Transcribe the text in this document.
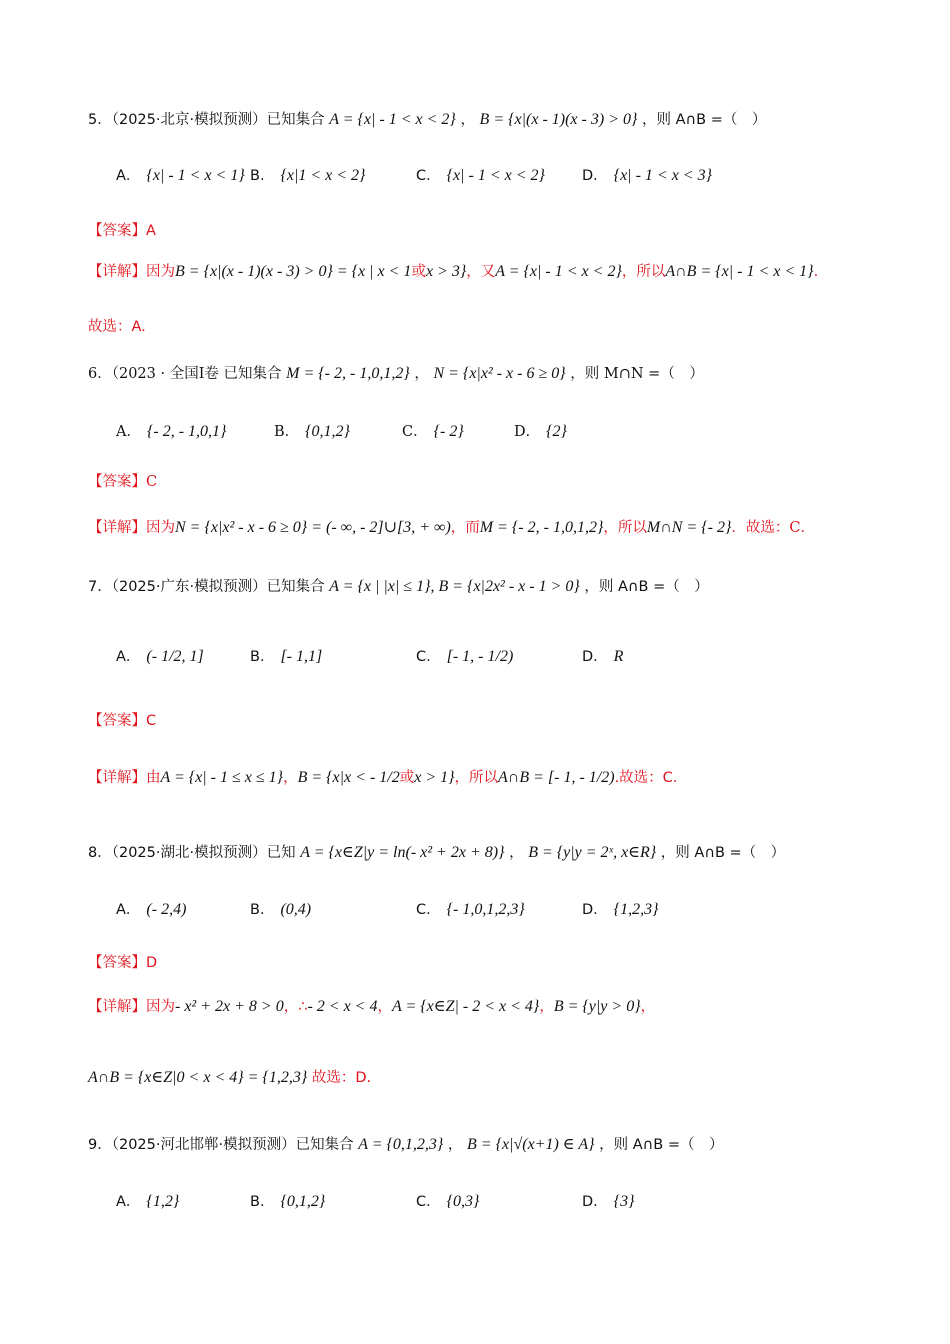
5．（2025·北京·模拟预测）已知集合 A = {x| - 1 < x < 2} ， B = {x|(x - 1)(x - 3) > 0} ，则 A∩B =（　）
A． {x| - 1 < x < 1} B． {x|1 < x < 2}	C． {x| - 1 < x < 2}	D． {x| - 1 < x < 3}
【答案】A
【详解】因为B = {x|(x - 1)(x - 3) > 0} = {x | x < 1或x > 3}，又A = {x| - 1 < x < 2}，所以A∩B = {x| - 1 < x < 1}.
故选：A.
6．（2023 · 全国Ⅰ卷 已知集合 M = {- 2, - 1,0,1,2} ， N = {x|x² - x - 6 ≥ 0} ，则 M∩N =（　）
A． {- 2, - 1,0,1}	B． {0,1,2}	C． {- 2}	D． {2}
【答案】C
【详解】因为N = {x|x² - x - 6 ≥ 0} = (- ∞, - 2]∪[3, + ∞)，而M = {- 2, - 1,0,1,2}，所以M∩N = {- 2}．故选：C．
7．（2025·广东·模拟预测）已知集合 A = {x | |x| ≤ 1}, B = {x|2x² - x - 1 > 0} ，则 A∩B =（　）
A． (- 1/2, 1]	B． [- 1,1]	C． [- 1, - 1/2)	D． R
【答案】C
【详解】由A = {x| - 1 ≤ x ≤ 1}，B = {x|x < - 1/2或x > 1}，所以A∩B = [- 1, - 1/2).故选：C.
8．（2025·湖北·模拟预测）已知 A = {x∈Z|y = ln(- x² + 2x + 8)} ， B = {y|y = 2ˣ, x∈R} ，则 A∩B =（　）
A． (- 2,4)	B． (0,4)	C． {- 1,0,1,2,3}	D． {1,2,3}
【答案】D
【详解】因为- x² + 2x + 8 > 0，∴- 2 < x < 4，A = {x∈Z| - 2 < x < 4}，B = {y|y > 0}，
A∩B = {x∈Z|0 < x < 4} = {1,2,3} 故选：D.
9．（2025·河北邯郸·模拟预测）已知集合 A = {0,1,2,3} ， B = {x|√(x+1) ∈ A} ，则 A∩B =（　）
A． {1,2}	B． {0,1,2}	C． {0,3}	D． {3}
